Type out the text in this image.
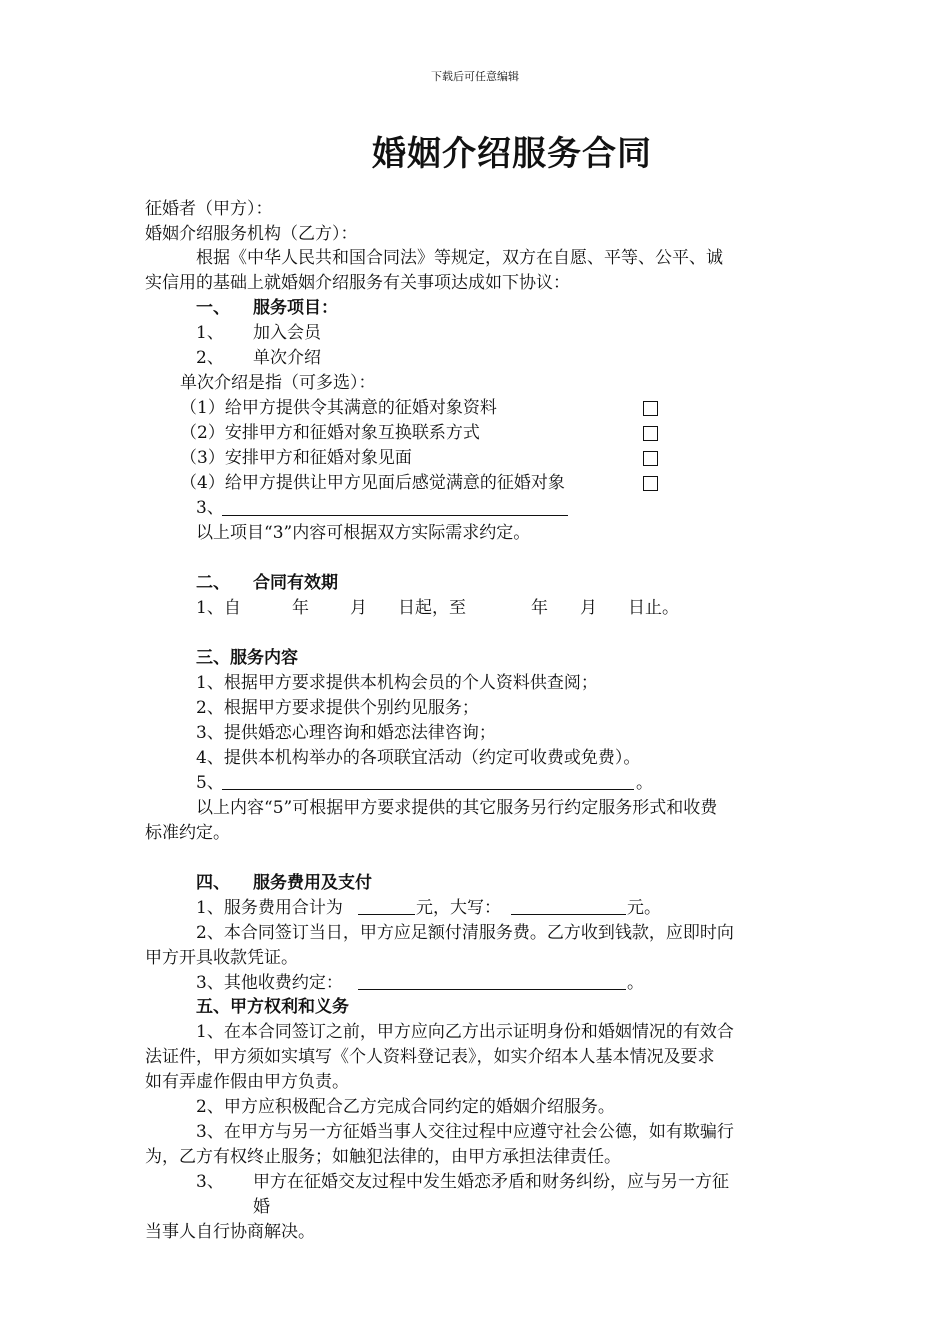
下载后可任意编辑
婚姻介绍服务合同
征婚者（甲方）：
婚姻介绍服务机构（乙方）：
根据《中华人民共和国合同法》等规定，双方在自愿、平等、公平、诚
实信用的基础上就婚姻介绍服务有关事项达成如下协议：
一、 服务项目：
1、 加入会员
2、 单次介绍
单次介绍是指（可多选）：
（1）给甲方提供令其满意的征婚对象资料
（2）安排甲方和征婚对象互换联系方式
（3）安排甲方和征婚对象见面
（4）给甲方提供让甲方见面后感觉满意的征婚对象
3、
以上项目“3”内容可根据双方实际需求约定。
二、 合同有效期
1、自	年 月 日起，至	年 月 日止。
三、服务内容
1、根据甲方要求提供本机构会员的个人资料供查阅；
2、根据甲方要求提供个别约见服务；
3、提供婚恋心理咨询和婚恋法律咨询；
4、提供本机构举办的各项联宜活动（约定可收费或免费）。
5、	。
以上内容“5”可根据甲方要求提供的其它服务另行约定服务形式和收费
标准约定。
四、 服务费用及支付
1、服务费用合计为	元，大写：	元。
2、本合同签订当日，甲方应足额付清服务费。乙方收到钱款，应即时向
甲方开具收款凭证。
3、其他收费约定：	。
五、甲方权利和义务
1、在本合同签订之前，甲方应向乙方出示证明身份和婚姻情况的有效合
法证件，甲方须如实填写《个人资料登记表》，如实介绍本人基本情况及要求
如有弄虚作假由甲方负责。
2、甲方应积极配合乙方完成合同约定的婚姻介绍服务。
3、在甲方与另一方征婚当事人交往过程中应遵守社会公德，如有欺骗行
为，乙方有权终止服务；如触犯法律的，由甲方承担法律责任。
3、 甲方在征婚交友过程中发生婚恋矛盾和财务纠纷，应与另一方征
婚
当事人自行协商解决。
